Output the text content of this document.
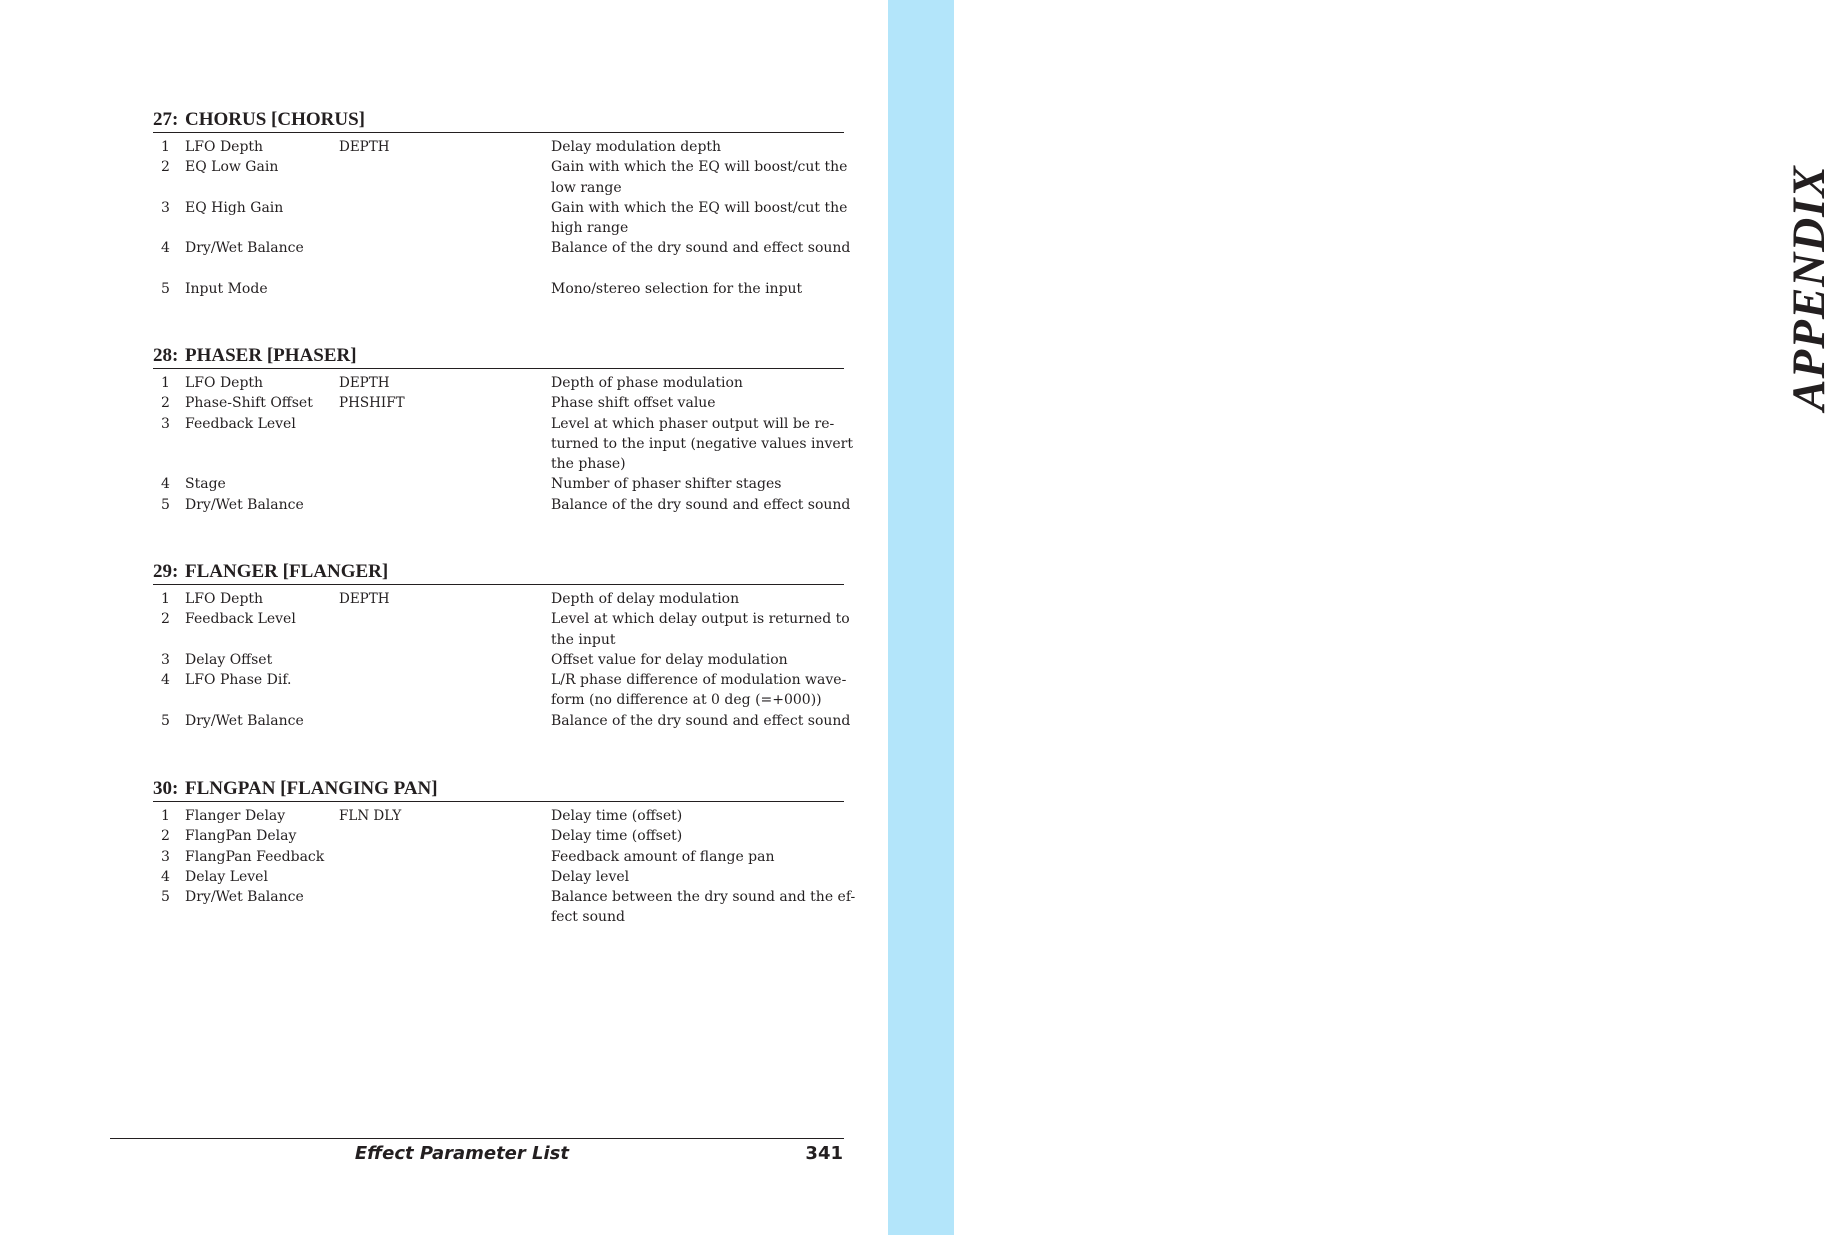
APPENDIX
27: CHORUS [CHORUS]
1 LFO Depth	DEPTH	Delay modulation depth
2 EQ Low Gain	Gain with which the EQ will boost/cut the
low range
3 EQ High Gain	Gain with which the EQ will boost/cut the
high range
4 Dry/Wet Balance	Balance of the dry sound and effect sound
5 Input Mode	Mono/stereo selection for the input
28: PHASER [PHASER]
1 LFO Depth	DEPTH	Depth of phase modulation
2 Phase-Shift Offset PHSHIFT	Phase shift offset value
3 Feedback Level	Level at which phaser output will be re-
turned to the input (negative values invert
the phase)
4 Stage	Number of phaser shifter stages
5 Dry/Wet Balance	Balance of the dry sound and effect sound
29: FLANGER [FLANGER]
1 LFO Depth	DEPTH	Depth of delay modulation
2 Feedback Level	Level at which delay output is returned to
the input
3 Delay Offset	Offset value for delay modulation
4 LFO Phase Dif.	L/R phase difference of modulation wave-
form (no difference at 0 deg (=+000))
5 Dry/Wet Balance	Balance of the dry sound and effect sound
30: FLNGPAN [FLANGING PAN]
1 Flanger Delay	FLN DLY	Delay time (offset)
2 FlangPan Delay	Delay time (offset)
3 FlangPan Feedback	Feedback amount of flange pan
4 Delay Level	Delay level
5 Dry/Wet Balance	Balance between the dry sound and the ef-
fect sound
Effect Parameter List	341
